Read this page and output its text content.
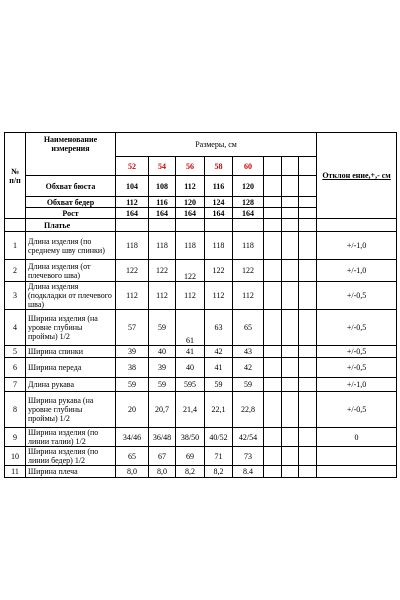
№ п/п	Наименование измерения	Размеры, см								Отклон ение,+,- см
		52	54	56	58	60				
	Обхват бюста	104	108	112	116	120				
	Обхват бедер	112	116	120	124	128				
	Рост	164	164	164	164	164				
	Платье									
1	Длина изделия (по среднему шву спинки)	118	118	118	118	118				+/-1,0
2	Длина изделия (от плечевого шва)	122	122	122	122	122				+/-1,0
3	Длина изделия (подкладки от плечевого шва)	112	112	112	112	112				+/-0,5
4	Ширина изделия (на уровне глубины проймы) 1/2	57	59	61	63	65				+/-0,5
5	Ширина спинки	39	40	41	42	43				+/-0,5
6	Ширина переда	38	39	40	41	42				+/-0,5
7	Длина рукава	59	59	595	59	59				+/-1,0
8	Ширина рукава (на уровне глубины проймы) 1/2	20	20,7	21,4	22,1	22,8				+/-0,5
9	Ширина изделия (по линии талии) 1/2	34/46	36/48	38/50	40/52	42/54				0
10	Ширина изделия (по линии бедер) 1/2	65	67	69	71	73				
11	Ширина плеча	8,0	8,0	8,2	8,2	8.4				
